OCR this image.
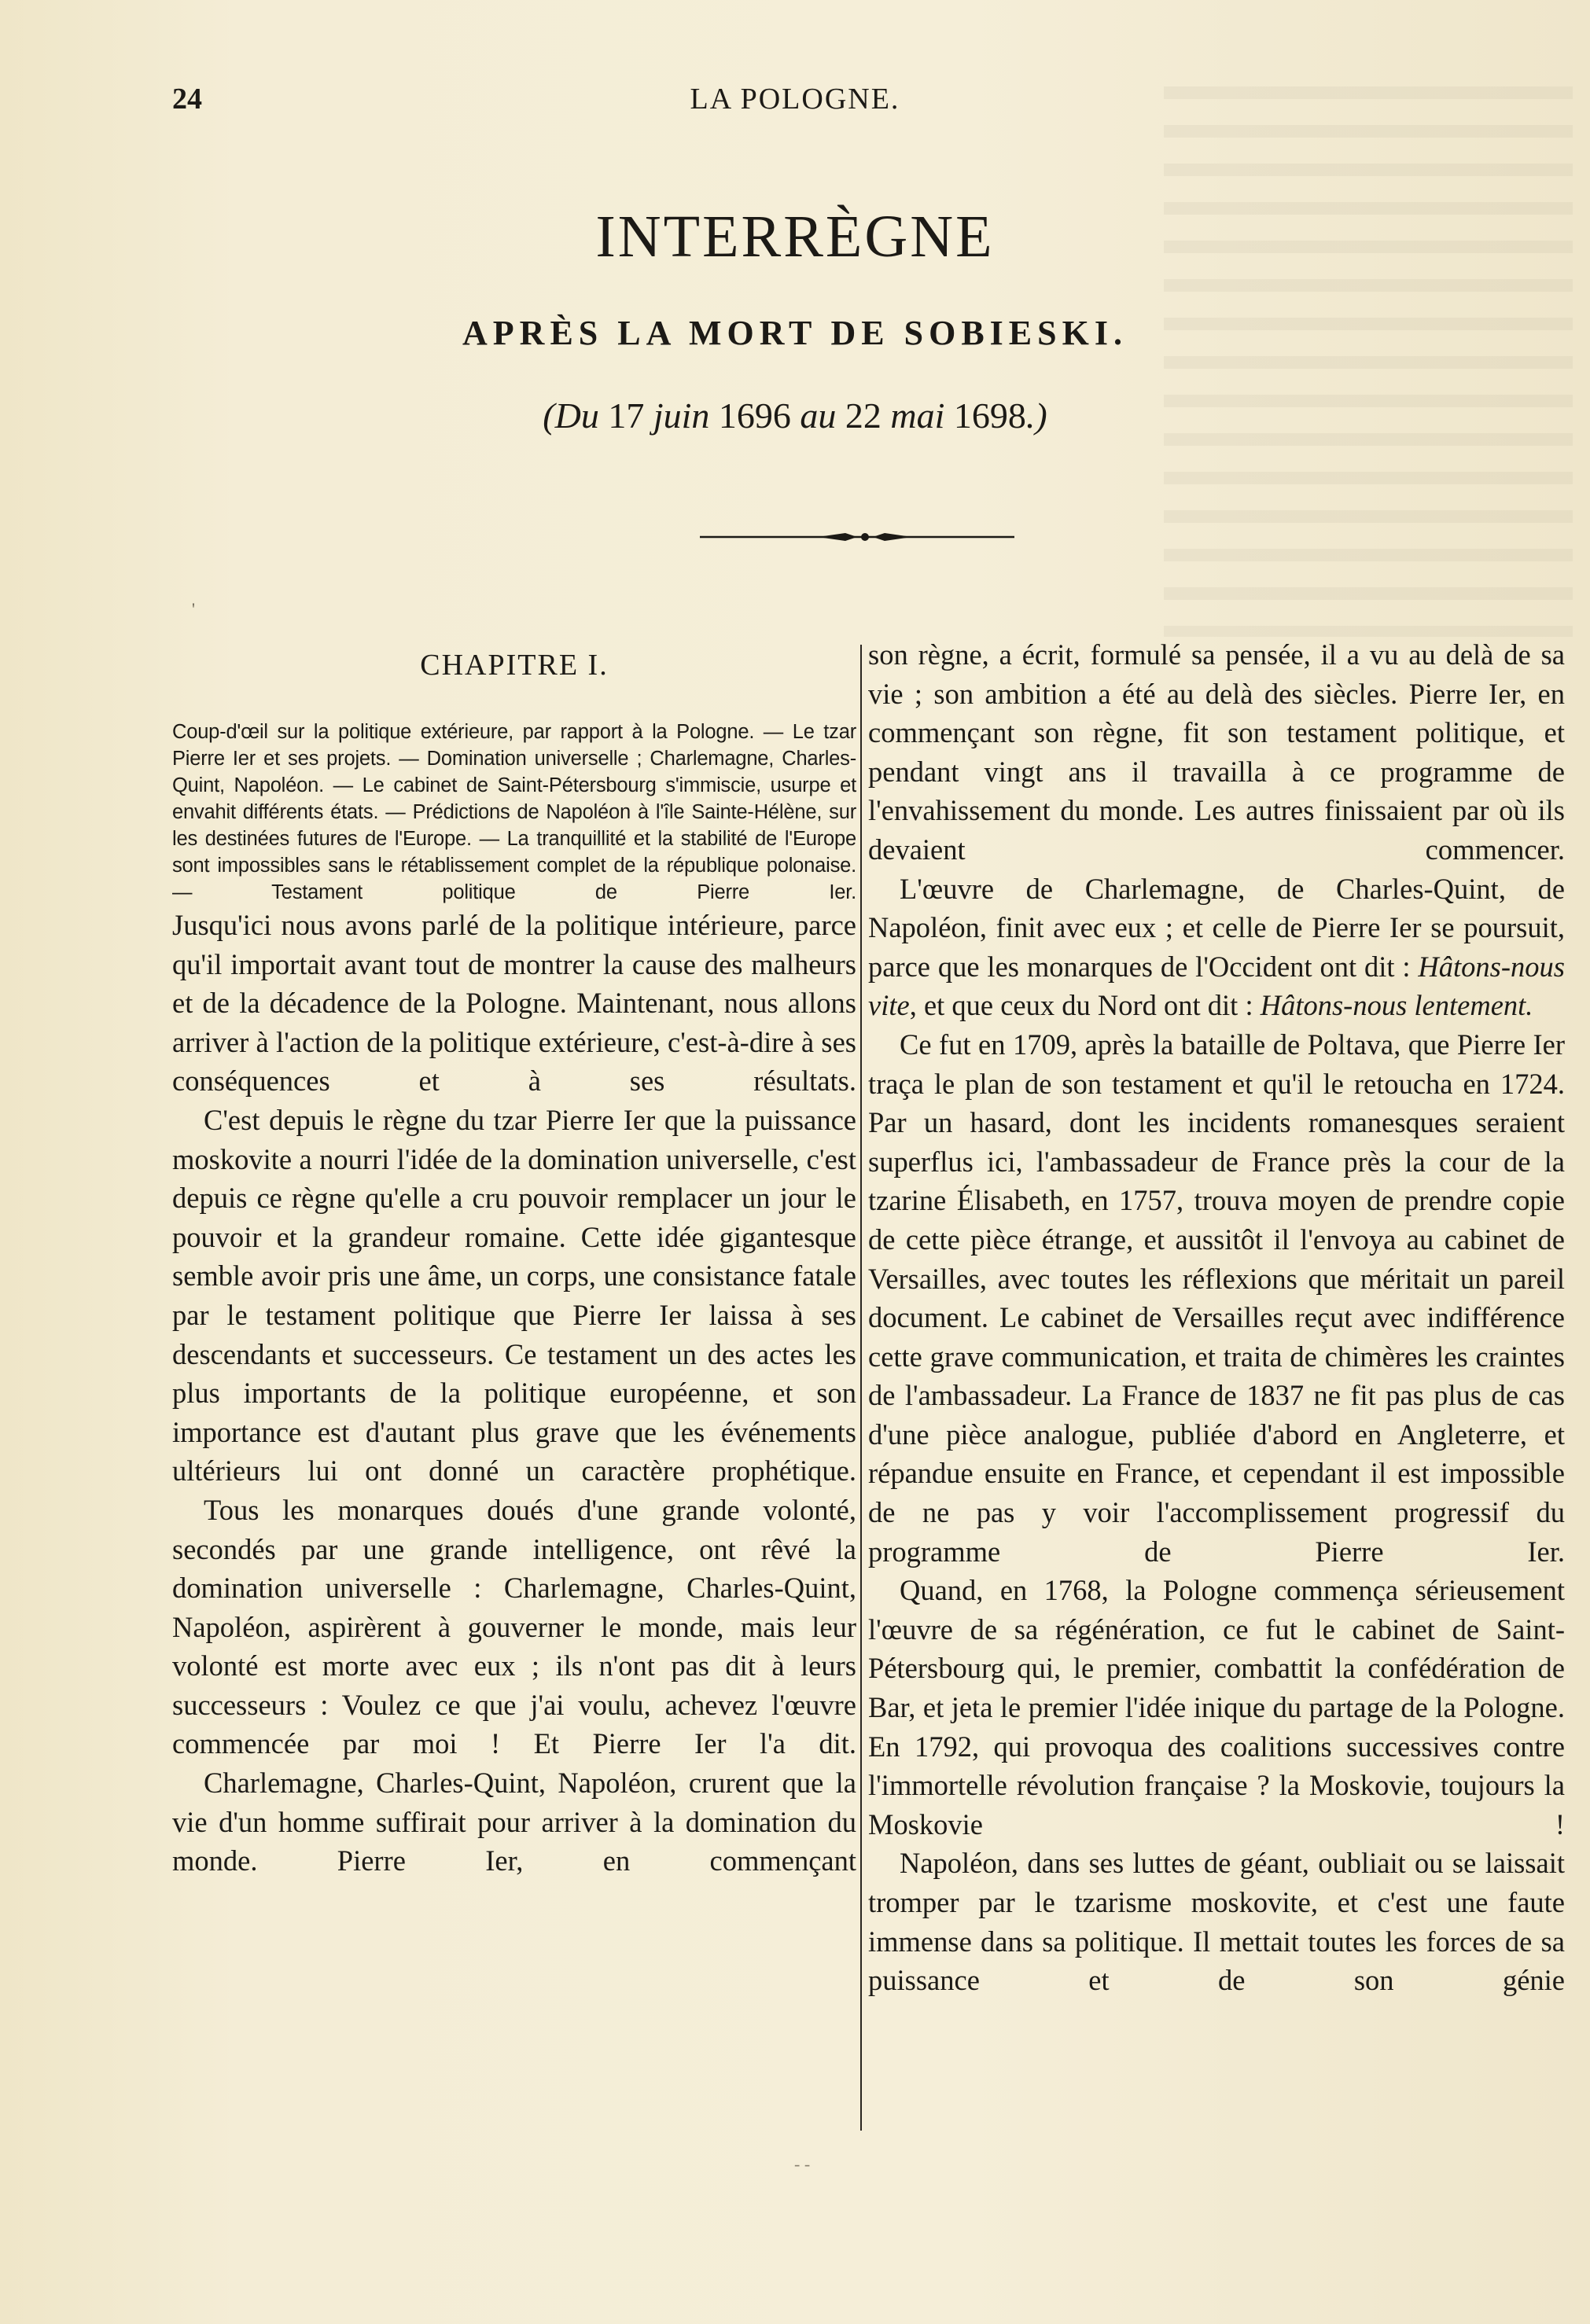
24	LA POLOGNE.
INTERRÈGNE
APRÈS LA MORT DE SOBIESKI.
(Du 17 juin 1696 au 22 mai 1698.)
'
CHAPITRE I.

Coup-d'œil sur la politique extérieure, par rapport à la Pologne. — Le tzar Pierre Ier et ses projets. — Domination universelle ; Charlemagne, Charles-Quint, Napoléon. — Le cabinet de Saint-Pétersbourg s'immiscie, usurpe et envahit différents états. — Prédictions de Napoléon à l'île Sainte-Hélène, sur les destinées futures de l'Europe. — La tranquillité et la stabilité de l'Europe sont impossibles sans le rétablissement complet de la république polonaise. — Testament politique de Pierre Ier.

Jusqu'ici nous avons parlé de la politique intérieure, parce qu'il importait avant tout de montrer la cause des malheurs et de la décadence de la Pologne. Maintenant, nous allons arriver à l'action de la politique extérieure, c'est-à-dire à ses conséquences et à ses résultats.

C'est depuis le règne du tzar Pierre Ier que la puissance moskovite a nourri l'idée de la domination universelle, c'est depuis ce règne qu'elle a cru pouvoir remplacer un jour le pouvoir et la grandeur romaine. Cette idée gigantesque semble avoir pris une âme, un corps, une consistance fatale par le testament politique que Pierre Ier laissa à ses descendants et successeurs. Ce testament un des actes les plus importants de la politique européenne, et son importance est d'autant plus grave que les événements ultérieurs lui ont donné un caractère prophétique.

Tous les monarques doués d'une grande volonté, secondés par une grande intelligence, ont rêvé la domination universelle : Charlemagne, Charles-Quint, Napoléon, aspirèrent à gouverner le monde, mais leur volonté est morte avec eux ; ils n'ont pas dit à leurs successeurs : Voulez ce que j'ai voulu, achevez l'œuvre commencée par moi ! Et Pierre Ier l'a dit.

Charlemagne, Charles-Quint, Napoléon, crurent que la vie d'un homme suffirait pour arriver à la domination du monde. Pierre Ier, en commençant

son règne, a écrit, formulé sa pensée, il a vu au delà de sa vie ; son ambition a été au delà des siècles. Pierre Ier, en commençant son règne, fit son testament politique, et pendant vingt ans il travailla à ce programme de l'envahissement du monde. Les autres finissaient par où ils devaient commencer.

L'œuvre de Charlemagne, de Charles-Quint, de Napoléon, finit avec eux ; et celle de Pierre Ier se poursuit, parce que les monarques de l'Occident ont dit : Hâtons-nous vite, et que ceux du Nord ont dit : Hâtons-nous lentement.

Ce fut en 1709, après la bataille de Poltava, que Pierre Ier traça le plan de son testament et qu'il le retoucha en 1724. Par un hasard, dont les incidents romanesques seraient superflus ici, l'ambassadeur de France près la cour de la tzarine Élisabeth, en 1757, trouva moyen de prendre copie de cette pièce étrange, et aussitôt il l'envoya au cabinet de Versailles, avec toutes les réflexions que méritait un pareil document. Le cabinet de Versailles reçut avec indifférence cette grave communication, et traita de chimères les craintes de l'ambassadeur. La France de 1837 ne fit pas plus de cas d'une pièce analogue, publiée d'abord en Angleterre, et répandue ensuite en France, et cependant il est impossible de ne pas y voir l'accomplissement progressif du programme de Pierre Ier.

Quand, en 1768, la Pologne commença sérieusement l'œuvre de sa régénération, ce fut le cabinet de Saint-Pétersbourg qui, le premier, combattit la confédération de Bar, et jeta le premier l'idée inique du partage de la Pologne. En 1792, qui provoqua des coalitions successives contre l'immortelle révolution française ? la Moskovie, toujours la Moskovie !

Napoléon, dans ses luttes de géant, oubliait ou se laissait tromper par le tzarisme moskovite, et c'est une faute immense dans sa politique. Il mettait toutes les forces de sa puissance et de son génie

- -
